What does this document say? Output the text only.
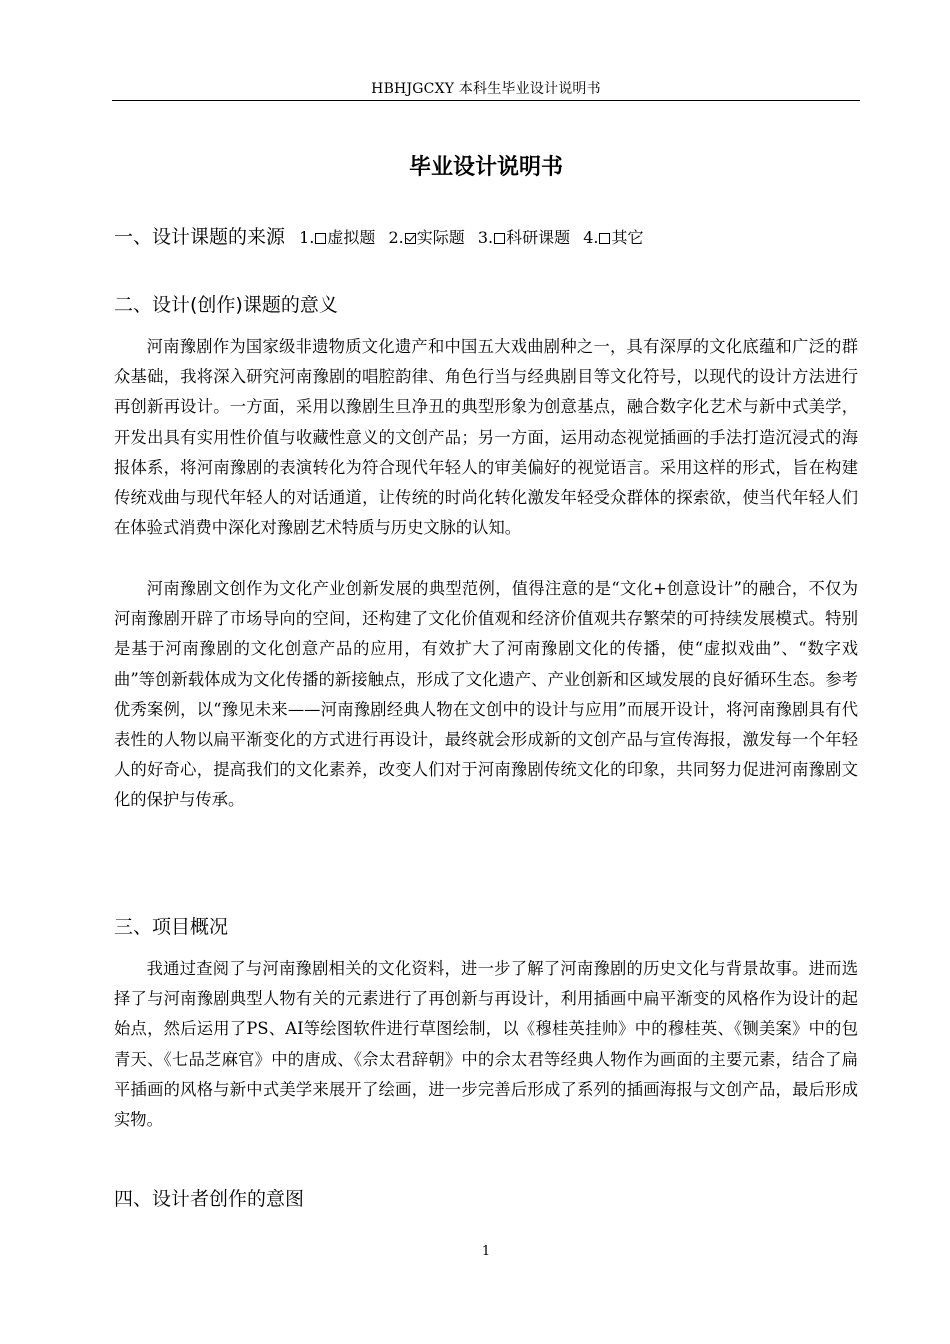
HBHJGCXY 本科生毕业设计说明书
毕业设计说明书
一、设计课题的来源 1. 虚拟题 2. 实际题 3. 科研课题 4. 其它
二、设计(创作)课题的意义

河南豫剧作为国家级非遗物质文化遗产和中国五大戏曲剧种之一，具有深厚的文化底蕴和广泛的群众基础，我将深入研究河南豫剧的唱腔韵律、角色行当与经典剧目等文化符号，以现代的设计方法进行再创新再设计。一方面，采用以豫剧生旦净丑的典型形象为创意基点，融合数字化艺术与新中式美学，开发出具有实用性价值与收藏性意义的文创产品；另一方面，运用动态视觉插画的手法打造沉浸式的海报体系，将河南豫剧的表演转化为符合现代年轻人的审美偏好的视觉语言。采用这样的形式，旨在构建传统戏曲与现代年轻人的对话通道，让传统的时尚化转化激发年轻受众群体的探索欲，使当代年轻人们在体验式消费中深化对豫剧艺术特质与历史文脉的认知。

河南豫剧文创作为文化产业创新发展的典型范例，值得注意的是“文化+创意设计”的融合，不仅为河南豫剧开辟了市场导向的空间，还构建了文化价值观和经济价值观共存繁荣的可持续发展模式。特别是基于河南豫剧的文化创意产品的应用，有效扩大了河南豫剧文化的传播，使“虚拟戏曲”、“数字戏曲”等创新载体成为文化传播的新接触点，形成了文化遗产、产业创新和区域发展的良好循环生态。参考优秀案例，以“豫见未来——河南豫剧经典人物在文创中的设计与应用”而展开设计，将河南豫剧具有代表性的人物以扁平渐变化的方式进行再设计，最终就会形成新的文创产品与宣传海报，激发每一个年轻人的好奇心，提高我们的文化素养，改变人们对于河南豫剧传统文化的印象，共同努力促进河南豫剧文化的保护与传承。

三、项目概况

我通过查阅了与河南豫剧相关的文化资料，进一步了解了河南豫剧的历史文化与背景故事。进而选择了与河南豫剧典型人物有关的元素进行了再创新与再设计，利用插画中扁平渐变的风格作为设计的起始点，然后运用了PS、AI等绘图软件进行草图绘制，以《穆桂英挂帅》中的穆桂英、《铡美案》中的包青天、《七品芝麻官》中的唐成、《佘太君辞朝》中的佘太君等经典人物作为画面的主要元素，结合了扁平插画的风格与新中式美学来展开了绘画，进一步完善后形成了系列的插画海报与文创产品，最后形成实物。

四、设计者创作的意图
1
